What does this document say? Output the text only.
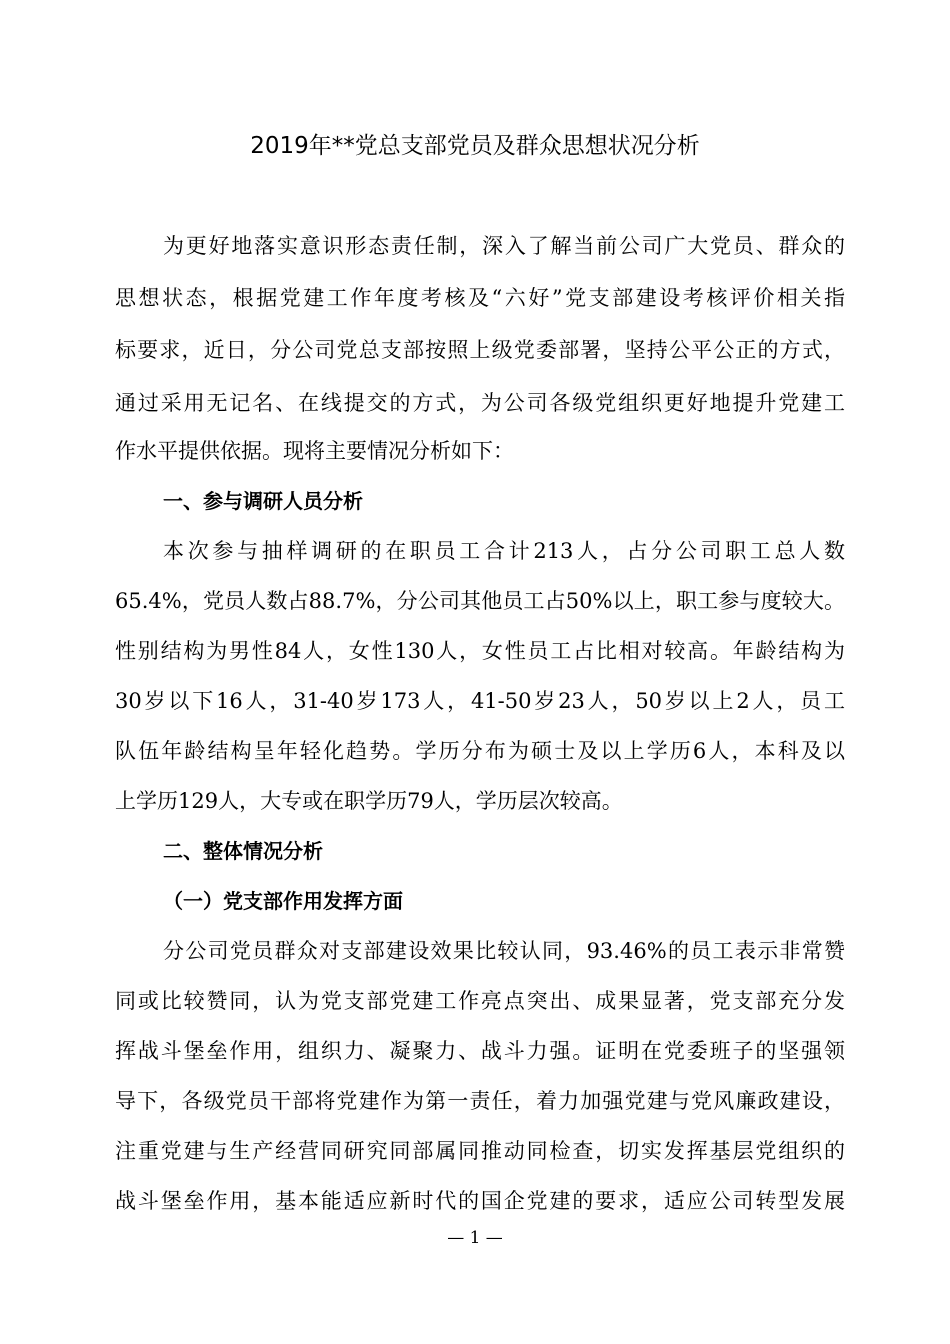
2019年**党总支部党员及群众思想状况分析
为更好地落实意识形态责任制，深入了解当前公司广大党员、群众的
思想状态，根据党建工作年度考核及“六好”党支部建设考核评价相关指
标要求，近日，分公司党总支部按照上级党委部署，坚持公平公正的方式，
通过采用无记名、在线提交的方式，为公司各级党组织更好地提升党建工
作水平提供依据。现将主要情况分析如下：
一、参与调研人员分析
本次参与抽样调研的在职员工合计213人，占分公司职工总人数
65.4%，党员人数占88.7%，分公司其他员工占50%以上，职工参与度较大。
性别结构为男性84人，女性130人，女性员工占比相对较高。年龄结构为
30岁以下16人，31-40岁173人，41-50岁23人，50岁以上2人，员工
队伍年龄结构呈年轻化趋势。学历分布为硕士及以上学历6人，本科及以
上学历129人，大专或在职学历79人，学历层次较高。
二、整体情况分析
（一）党支部作用发挥方面
分公司党员群众对支部建设效果比较认同，93.46%的员工表示非常赞
同或比较赞同，认为党支部党建工作亮点突出、成果显著，党支部充分发
挥战斗堡垒作用，组织力、凝聚力、战斗力强。证明在党委班子的坚强领
导下，各级党员干部将党建作为第一责任，着力加强党建与党风廉政建设，
注重党建与生产经营同研究同部属同推动同检查，切实发挥基层党组织的
战斗堡垒作用，基本能适应新时代的国企党建的要求，适应公司转型发展
— 1 —
